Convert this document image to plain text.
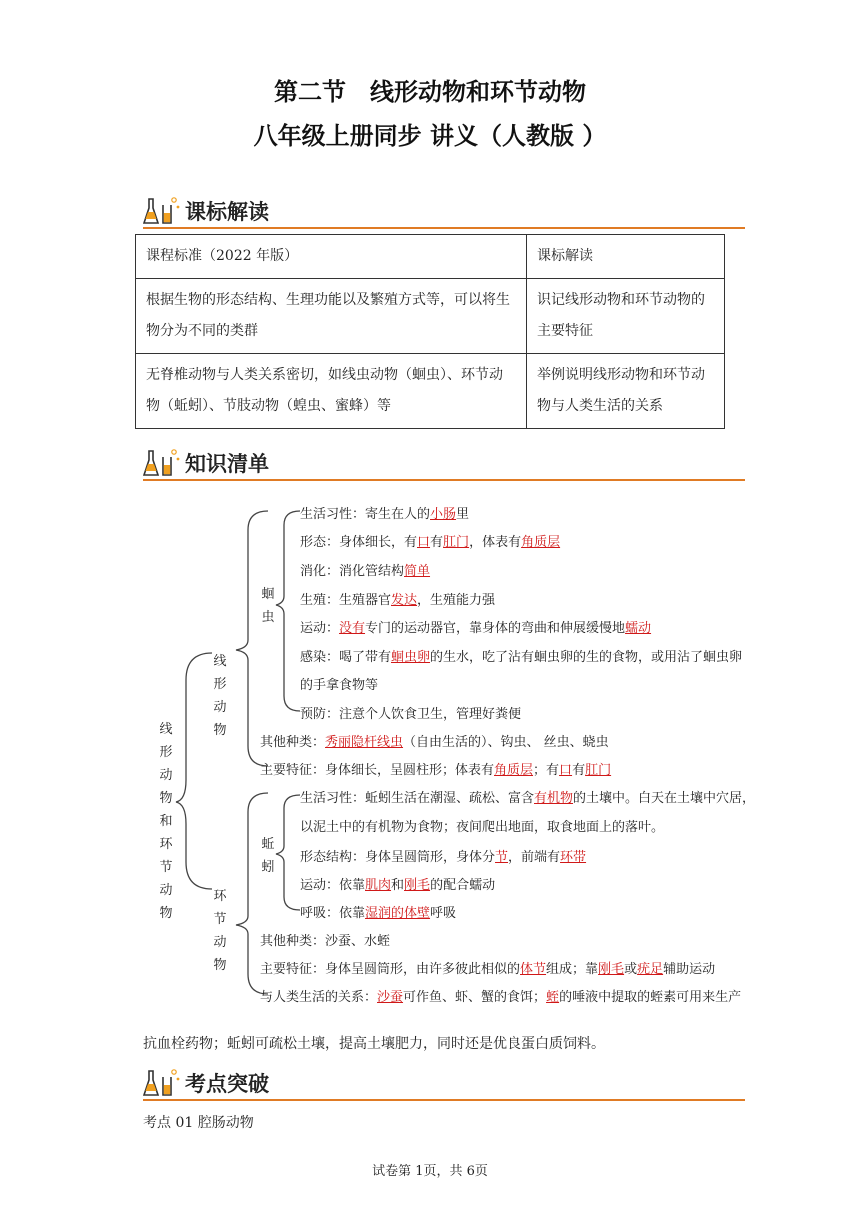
第二节　线形动物和环节动物
八年级上册同步 讲义（人教版 ）
课标解读
课程标准（2022 年版）	课标解读
根据生物的形态结构、生理功能以及繁殖方式等，可以将生物分为不同的类群	识记线形动物和环节动物的主要特征
无脊椎动物与人类关系密切，如线虫动物（蛔虫）、环节动物（蚯蚓）、节肢动物（蝗虫、蜜蜂）等	举例说明线形动物和环节动物与人类生活的关系
知识清单
线
形
动
物
和
环
节
动
物
线
形
动
物
蛔
虫
环
节
动
物
蚯
蚓
生活习性：寄生在人的小肠里
形态：身体细长，有口有肛门，体表有角质层
消化：消化管结构简单
生殖：生殖器官发达，生殖能力强
运动：没有专门的运动器官，靠身体的弯曲和伸展缓慢地蠕动
感染：喝了带有蛔虫卵的生水，吃了沾有蛔虫卵的生的食物，或用沾了蛔虫卵
的手拿食物等
预防：注意个人饮食卫生，管理好粪便
其他种类：秀丽隐杆线虫（自由生活的）、钩虫、 丝虫、蛲虫
主要特征：身体细长，呈圆柱形；体表有角质层；有口有肛门
生活习性：蚯蚓生活在潮湿、疏松、富含有机物的土壤中。白天在土壤中穴居，
以泥土中的有机物为食物；夜间爬出地面，取食地面上的落叶。
形态结构：身体呈圆筒形，身体分节，前端有环带
运动：依靠肌肉和刚毛的配合蠕动
呼吸：依靠湿润的体壁呼吸
其他种类：沙蚕、水蛭
主要特征：身体呈圆筒形，由许多彼此相似的体节组成；靠刚毛或疣足辅助运动
与人类生活的关系：沙蚕可作鱼、虾、蟹的食饵；蛭的唾液中提取的蛭素可用来生产
抗血栓药物；蚯蚓可疏松土壤，提高土壤肥力，同时还是优良蛋白质饲料。
考点突破
考点 01 腔肠动物
试卷第 1页，共 6页
